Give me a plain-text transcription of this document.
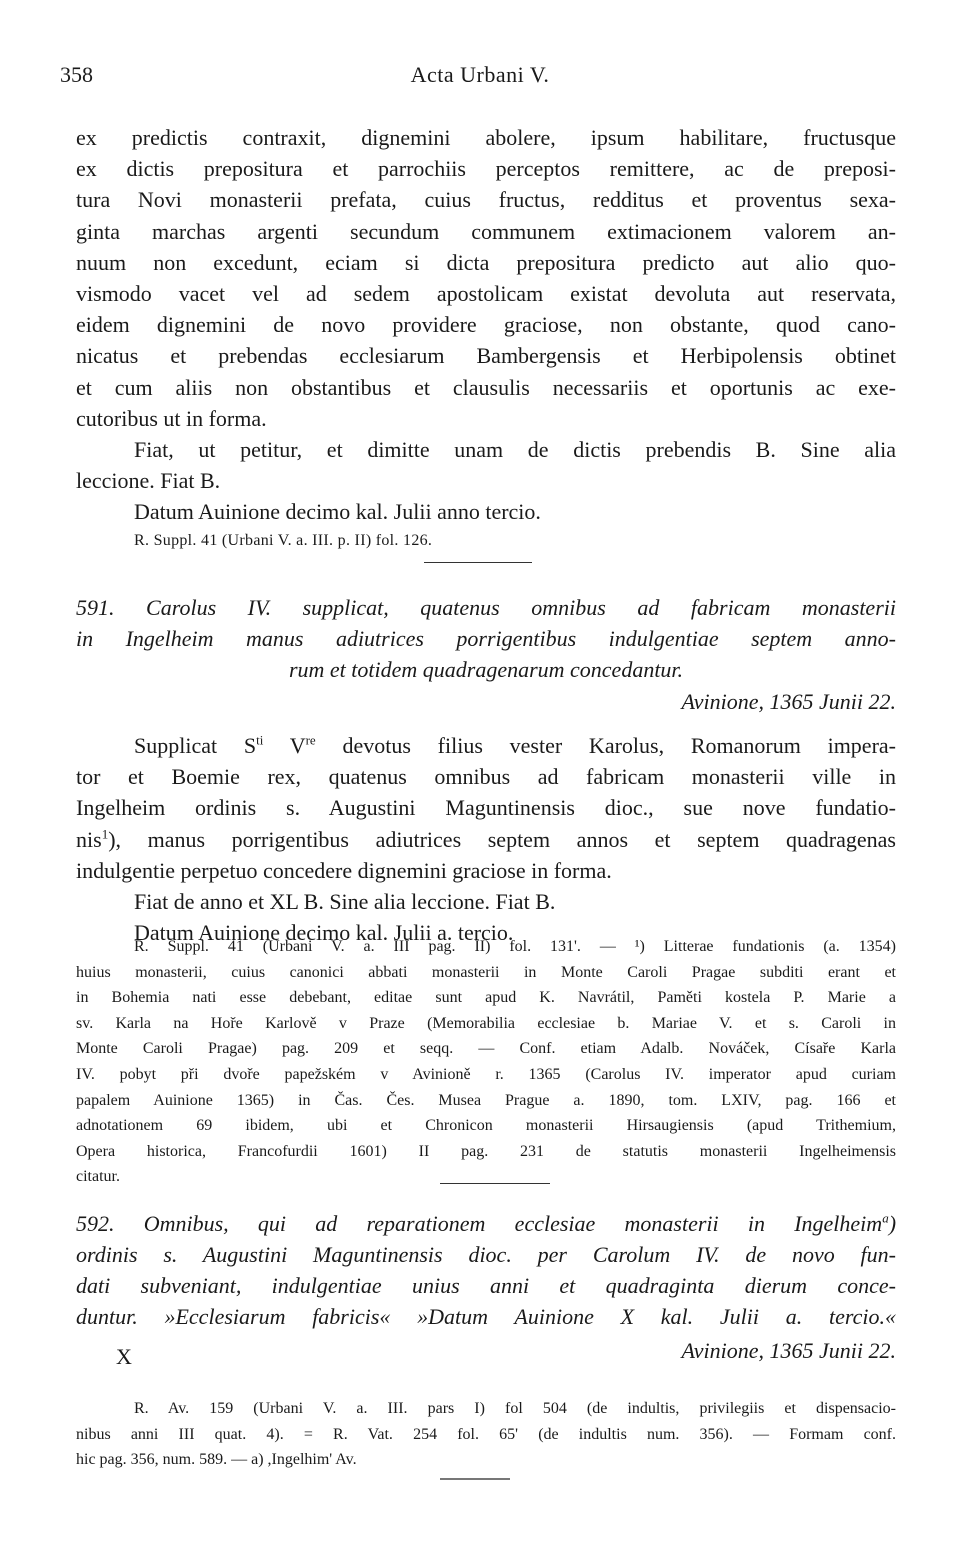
358	Acta Urbani V.

ex predictis contraxit, dignemini abolere, ipsum habilitare, fructusque
ex dictis prepositura et parrochiis perceptos remittere, ac de preposi-
tura Novi monasterii prefata, cuius fructus, redditus et proventus sexa-
ginta marchas argenti secundum communem extimacionem valorem an-
nuum non excedunt, eciam si dicta prepositura predicto aut alio quo-
vismodo vacet vel ad sedem apostolicam existat devoluta aut reservata,
eidem dignemini de novo providere graciose, non obstante, quod cano-
nicatus et prebendas ecclesiarum Bambergensis et Herbipolensis obtinet
et cum aliis non obstantibus et clausulis necessariis et oportunis ac exe-
cutoribus ut in forma.
Fiat, ut petitur, et dimitte unam de dictis prebendis B. Sine alia
leccione. Fiat B.
Datum Auinione decimo kal. Julii anno tercio.

R. Suppl. 41 (Urbani V. a. III. p. II) fol. 126.
591. Carolus IV. supplicat, quatenus omnibus ad fabricam monasterii
in Ingelheim manus adiutrices porrigentibus indulgentiae septem anno-
rum et totidem quadragenarum concedantur.
Avinione, 1365 Junii 22.

Supplicat $S^{ti}$ Vre devotus filius vester Karolus, Romanorum impera-
tor et Boemie rex, quatenus omnibus ad fabricam monasterii ville in
Ingelheim ordinis s. Augustini Maguntinensis dioc., sue nove fundatio-
nis$^1$), manus porrigentibus adiutrices septem annos et septem quadragenas
indulgentie perpetuo concedere dignemini graciose in forma.
Fiat de anno et XL B. Sine alia leccione. Fiat B.
Datum Auinione decimo kal. Julii a. tercio.

R. Suppl. 41 (Urbani V. a. III pag. II) fol. 131'. — ¹) Litterae fundationis (a. 1354)
huius monasterii, cuius canonici abbati monasterii in Monte Caroli Pragae subditi erant et
in Bohemia nati esse debebant, editae sunt apud K. Navrátil, Paměti kostela P. Marie a
sv. Karla na Hoře Karlově v Praze (Memorabilia ecclesiae b. Mariae V. et s. Caroli in
Monte Caroli Pragae) pag. 209 et seqq. — Conf. etiam Adalb. Nováček, Císaře Karla
IV. pobyt při dvoře papežském v Avinioně r. 1365 (Carolus IV. imperator apud curiam
papalem Auinione 1365) in Čas. Čes. Musea Prague a. 1890, tom. LXIV, pag. 166 et
adnotationem 69 ibidem, ubi et Chronicon monasterii Hirsaugiensis (apud Trithemium,
Opera historica, Francofurdii 1601) II pag. 231 de statutis monasterii Ingelheimensis
citatur.
592. Omnibus, qui ad reparationem ecclesiae monasterii in Ingelheim$^a$)
ordinis s. Augustini Maguntinensis dioc. per Carolum IV. de novo fun-
dati subveniant, indulgentiae unius anni et quadraginta dierum conce-
duntur. »Ecclesiarum fabricis« »Datum Auinione X kal. Julii a. tercio.«
X	Avinione, 1365 Junii 22.
R. Av. 159 (Urbani V. a. III. pars I) fol 504 (de indultis, privilegiis et dispensacio-
nibus anni III quat. 4). = R. Vat. 254 fol. 65' (de indultis num. 356). — Formam conf.
hic pag. 356, num. 589. — a) ,Ingelhim' Av.
